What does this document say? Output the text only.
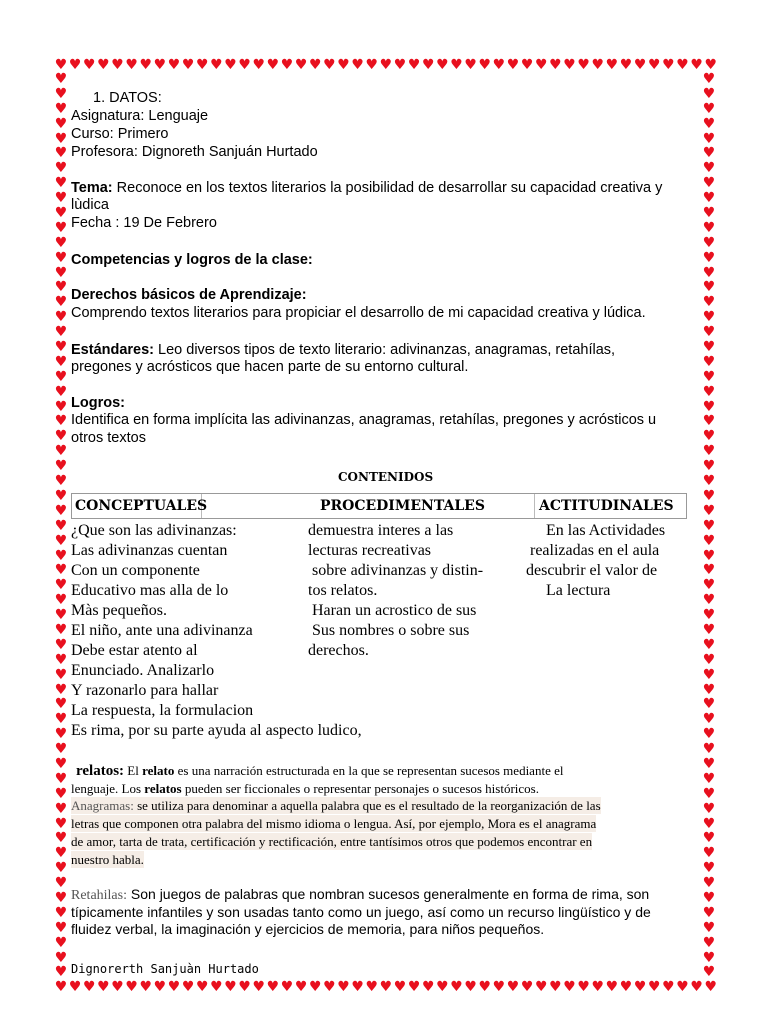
♥ ♥ ♥ ♥ ♥ ♥ ♥ ♥ ♥ ♥ ♥ ♥ ♥ ♥ ♥ ♥ ♥ ♥ ♥ ♥ ♥ ♥ ♥ ♥ ♥ ♥ ♥ ♥ ♥ ♥ ♥ ♥ ♥ ♥ ♥ ♥ ♥ ♥ ♥ ♥ ♥ ♥ ♥ ♥ ♥ ♥ ♥
♥ ♥ ♥ ♥ ♥ ♥ ♥ ♥ ♥ ♥ ♥ ♥ ♥ ♥ ♥ ♥ ♥ ♥ ♥ ♥ ♥ ♥ ♥ ♥ ♥ ♥ ♥ ♥ ♥ ♥ ♥ ♥ ♥ ♥ ♥ ♥ ♥ ♥ ♥ ♥ ♥ ♥ ♥ ♥ ♥ ♥ ♥
♥
♥
♥
♥
♥
♥
♥
♥
♥
♥
♥
♥
♥
♥
♥
♥
♥
♥
♥
♥
♥
♥
♥
♥
♥
♥
♥
♥
♥
♥
♥
♥
♥
♥
♥
♥
♥
♥
♥
♥
♥
♥
♥
♥
♥
♥
♥
♥
♥
♥
♥
♥
♥
♥
♥
♥
♥
♥
♥
♥
♥
♥
♥
♥
♥
♥
♥
♥
♥
♥
♥
♥
♥
♥
♥
♥
♥
♥
♥
♥
♥
♥
♥
♥
♥
♥
♥
♥
♥
♥
♥
♥
♥
♥
♥
♥
♥
♥
♥
♥
♥
♥
♥
♥
♥
♥
♥
♥
♥
♥
♥
♥
♥
♥
♥
♥
♥
♥
♥
♥
♥
♥
1. DATOS:
Asignatura: Lenguaje
Curso: Primero
Profesora: Dignoreth Sanjuán Hurtado
Tema: Reconoce en los textos literarios la posibilidad de desarrollar su capacidad creativa y
lùdica
Fecha : 19 De Febrero
Competencias y logros de la clase:
Derechos básicos de Aprendizaje:
Comprendo textos literarios para propiciar el desarrollo de mi capacidad creativa y lúdica.
Estándares: Leo diversos tipos de texto literario: adivinanzas, anagramas, retahílas,
pregones y acrósticos que hacen parte de su entorno cultural.
Logros:
Identifica en forma implícita las adivinanzas, anagramas, retahílas, pregones y acrósticos u
otros textos
CONTENIDOS
CONCEPTUALES	PROCEDIMENTALES	ACTITUDINALES
¿Que son las adivinanzas:
Las adivinanzas cuentan
Con un componente
Educativo mas alla de lo
Màs pequeños.
El niño, ante una adivinanza
Debe estar atento al
Enunciado. Analizarlo
Y razonarlo para hallar
La respuesta, la formulacion
Es rima, por su parte ayuda al aspecto ludico,
demuestra interes a las
lecturas recreativas
sobre adivinanzas y distin-
tos relatos.
Haran un acrostico de sus
Sus nombres o sobre sus
derechos.
En las Actividades
realizadas en el aula
descubrir el valor de
La lectura
relatos: El relato es una narración estructurada en la que se representan sucesos mediante el
lenguaje. Los relatos pueden ser ficcionales o representar personajes o sucesos históricos.
Anagramas: se utiliza para denominar a aquella palabra que es el resultado de la reorganización de las
letras que componen otra palabra del mismo idioma o lengua. Así, por ejemplo, Mora es el anagrama
de amor, tarta de trata, certificación y rectificación, entre tantísimos otros que podemos encontrar en
nuestro habla.
Retahilas: Son juegos de palabras que nombran sucesos generalmente en forma de rima, son
típicamente infantiles y son usadas tanto como un juego, así como un recurso lingüístico y de
fluidez verbal, la imaginación y ejercicios de memoria, para niños pequeños.
Dignorerth Sanjuàn Hurtado
